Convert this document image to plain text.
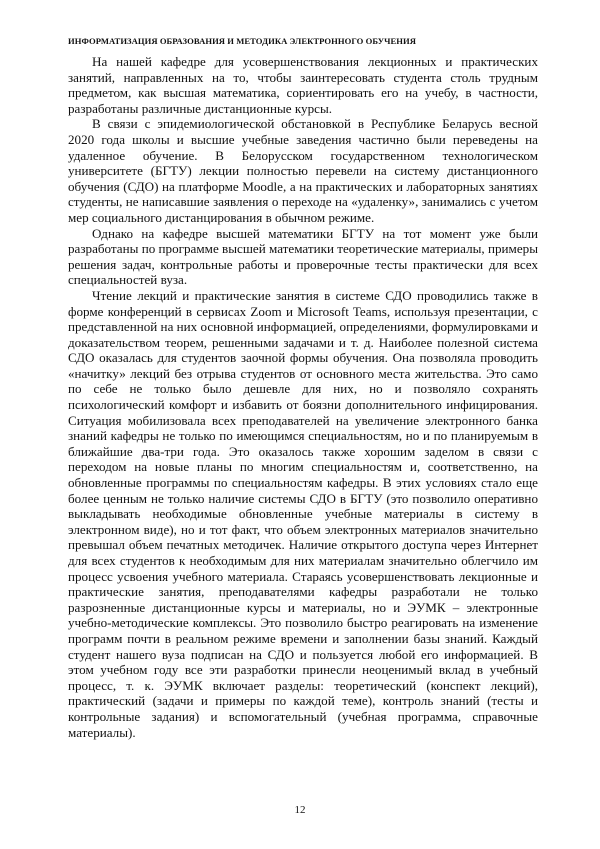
ИНФОРМАТИЗАЦИЯ ОБРАЗОВАНИЯ И МЕТОДИКА ЭЛЕКТРОННОГО ОБУЧЕНИЯ

На нашей кафедре для усовершенствования лекционных и практических занятий, направленных на то, чтобы заинтересовать студента столь трудным предметом, как высшая математика, сориентировать его на учебу, в частности, разработаны различные дистанционные курсы.

В связи с эпидемиологической обстановкой в Республике Беларусь весной 2020 года школы и высшие учебные заведения частично были переведены на удаленное обучение. В Белорусском государственном технологическом университете (БГТУ) лекции полностью перевели на систему дистанционного обучения (СДО) на платформе Moodle, а на практических и лабораторных занятиях студенты, не написавшие заявления о переходе на «удаленку», занимались с учетом мер социального дистанцирования в обычном режиме.

Однако на кафедре высшей математики БГТУ на тот момент уже были разработаны по программе высшей математики теоретические материалы, примеры решения задач, контрольные работы и проверочные тесты практически для всех специальностей вуза.

Чтение лекций и практические занятия в системе СДО проводились также в форме конференций в сервисах Zoom и Microsoft Teams, используя презентации, с представленной на них основной информацией, определениями, формулировками и доказательством теорем, решенными задачами и т. д. Наиболее полезной система СДО оказалась для студентов заочной формы обучения. Она позволяла проводить «начитку» лекций без отрыва студентов от основного места жительства. Это само по себе не только было дешевле для них, но и позволяло сохранять психологический комфорт и избавить от боязни дополнительного инфицирования. Ситуация мобилизовала всех преподавателей на увеличение электронного банка знаний кафедры не только по имеющимся специальностям, но и по планируемым в ближайшие два-три года. Это оказалось также хорошим заделом в связи с переходом на новые планы по многим специальностям и, соответственно, на обновленные программы по специальностям кафедры. В этих условиях стало еще более ценным не только наличие системы СДО в БГТУ (это позволило оперативно выкладывать необходимые обновленные учебные материалы в систему в электронном виде), но и тот факт, что объем электронных материалов значительно превышал объем печатных методичек. Наличие открытого доступа через Интернет для всех студентов к необходимым для них материалам значительно облегчило им процесс усвоения учебного материала. Стараясь усовершенствовать лекционные и практические занятия, преподавателями кафедры разработали не только разрозненные дистанционные курсы и материалы, но и ЭУМК – электронные учебно-методические комплексы. Это позволило быстро реагировать на изменение программ почти в реальном режиме времени и заполнении базы знаний. Каждый студент нашего вуза подписан на СДО и пользуется любой его информацией. В этом учебном году все эти разработки принесли неоценимый вклад в учебный процесс, т. к. ЭУМК включает разделы: теоретический (конспект лекций), практический (задачи и примеры по каждой теме), контроль знаний (тесты и контрольные задания) и вспомогательный (учебная программа, справочные материалы).

12
